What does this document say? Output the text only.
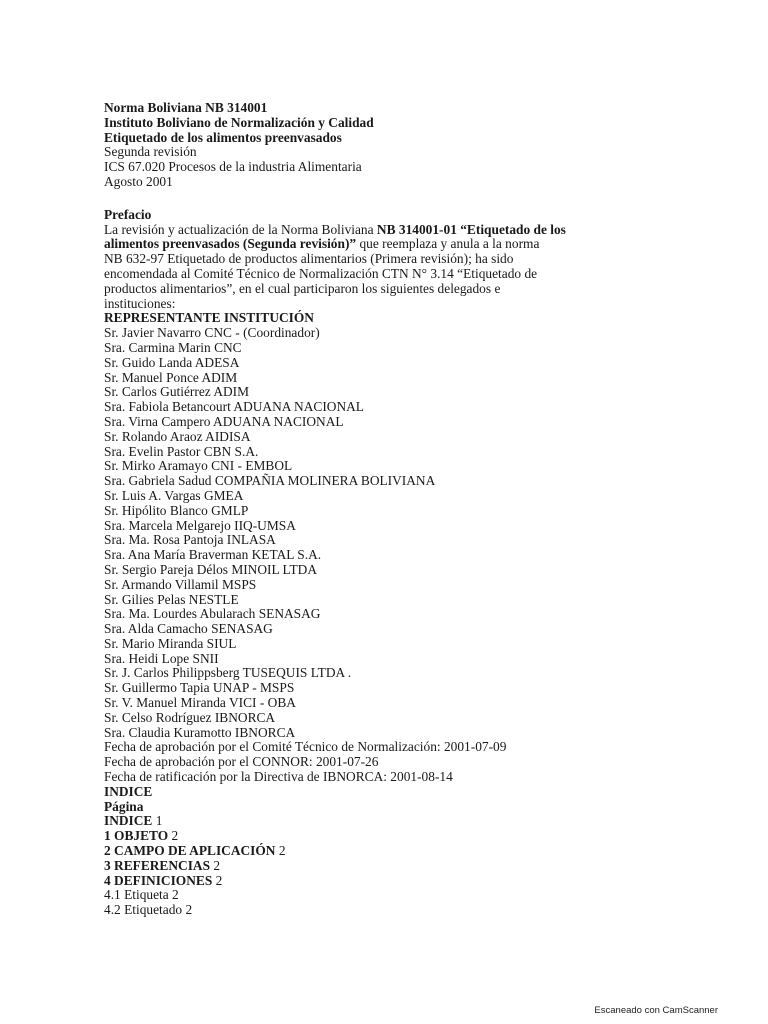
Norma Boliviana NB 314001
Instituto Boliviano de Normalización y Calidad
Etiquetado de los alimentos preenvasados
Segunda revisión
ICS 67.020 Procesos de la industria Alimentaria
Agosto 2001
Prefacio
La revisión y actualización de la Norma Boliviana NB 314001-01 “Etiquetado de los
alimentos preenvasados (Segunda revisión)” que reemplaza y anula a la norma
NB 632-97 Etiquetado de productos alimentarios (Primera revisión); ha sido
encomendada al Comité Técnico de Normalización CTN N° 3.14 “Etiquetado de
productos alimentarios”, en el cual participaron los siguientes delegados e
instituciones:
REPRESENTANTE INSTITUCIÓN
Sr. Javier Navarro CNC - (Coordinador)
Sra. Carmina Marin CNC
Sr. Guido Landa ADESA
Sr. Manuel Ponce ADIM
Sr. Carlos Gutiérrez ADIM
Sra. Fabiola Betancourt ADUANA NACIONAL
Sra. Virna Campero ADUANA NACIONAL
Sr. Rolando Araoz AIDISA
Sra. Evelin Pastor CBN S.A.
Sr. Mirko Aramayo CNI - EMBOL
Sra. Gabriela Sadud COMPAÑIA MOLINERA BOLIVIANA
Sr. Luis A. Vargas GMEA
Sr. Hipólito Blanco GMLP
Sra. Marcela Melgarejo IIQ-UMSA
Sra. Ma. Rosa Pantoja INLASA
Sra. Ana María Braverman KETAL S.A.
Sr. Sergio Pareja Délos MINOIL LTDA
Sr. Armando Villamil MSPS
Sr. Gilies Pelas NESTLE
Sra. Ma. Lourdes Abularach SENASAG
Sra. Alda Camacho SENASAG
Sr. Mario Miranda SIUL
Sra. Heidi Lope SNII
Sr. J. Carlos Philippsberg TUSEQUIS LTDA .
Sr. Guillermo Tapia UNAP - MSPS
Sr. V. Manuel Miranda VICI - OBA
Sr. Celso Rodríguez IBNORCA
Sra. Claudia Kuramotto IBNORCA
Fecha de aprobación por el Comité Técnico de Normalización: 2001-07-09
Fecha de aprobación por el CONNOR: 2001-07-26
Fecha de ratificación por la Directiva de IBNORCA: 2001-08-14
INDICE
Página
INDICE 1
1 OBJETO 2
2 CAMPO DE APLICACIÓN 2
3 REFERENCIAS 2
4 DEFINICIONES 2
4.1 Etiqueta 2
4.2 Etiquetado 2
Escaneado con CamScanner
